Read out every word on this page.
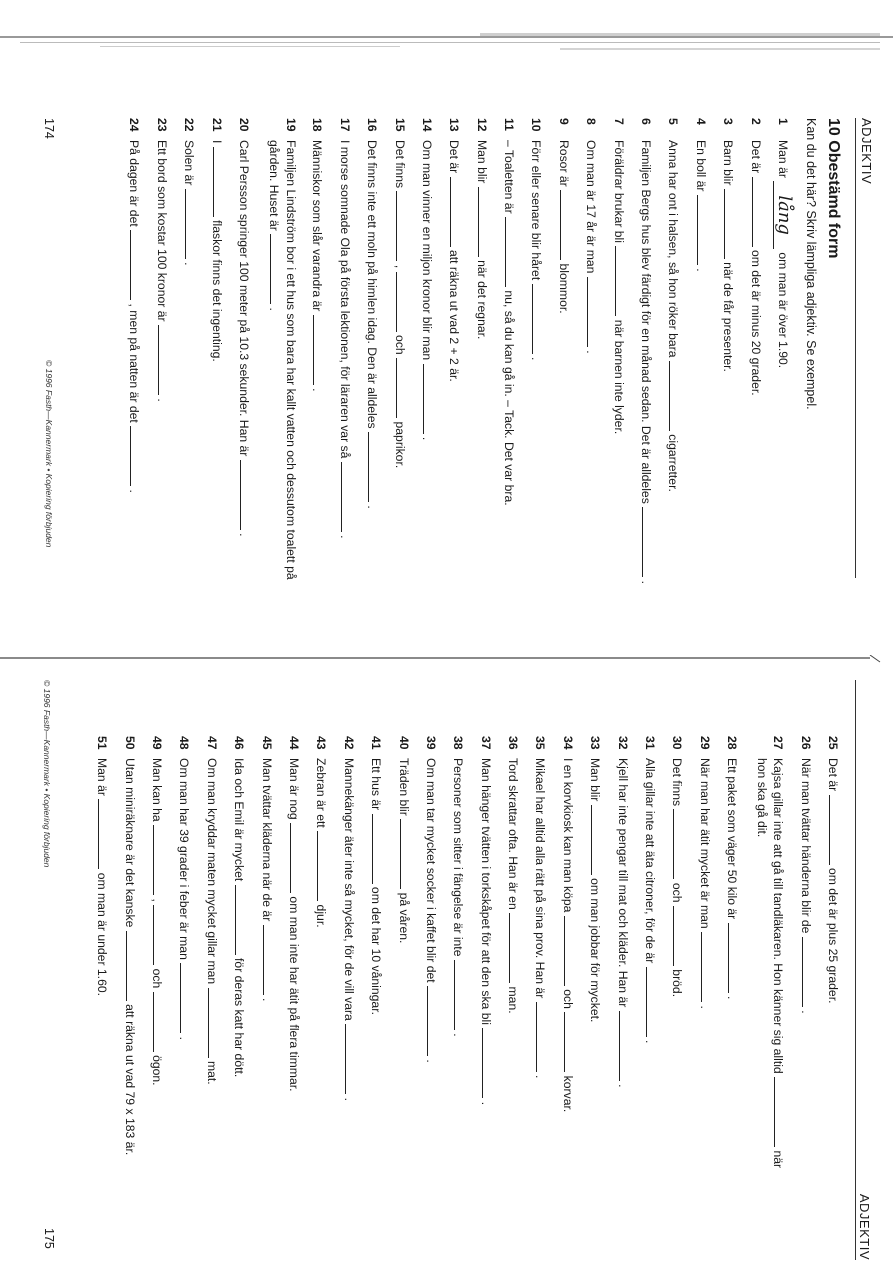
ADJEKTIV
10 Obestämd form
Kan du det här? Skriv lämpliga adjektiv. Se exempel.
1Man är lång om man är över 1.90.
2Det är  om det är minus 20 grader.
3Barn blir  när de får presenter.
4En boll är  .
5Anna har ont i halsen, så hon röker bara  cigarretter.
6Familjen Bergs hus blev färdigt för en månad sedan. Det är alldeles  .
7Föräldrar brukar bli  när barnen inte lyder.
8Om man är 17 år är man  .
9Rosor är  blommor.
10Förr eller senare blir håret  .
11– Toaletten är  nu, så du kan gå in. – Tack. Det var bra.
12Man blir  när det regnar.
13Det är  att räkna ut vad 2 + 2 är.
14Om man vinner en miljon kronor blir man  .
15Det finns  ,  och  paprikor.
16Det finns inte ett moln på himlen idag. Den är alldeles  .
17I morse somnade Ola på första lektionen, för läraren var så  .
18Människor som slår varandra är  .
19Familjen Lindström bor i ett hus som bara har kallt vatten och dessutom toalett på
gården. Huset är  .
20Carl Persson springer 100 meter på 10.3 sekunder. Han är  .
21I  flaskor finns det ingenting.
22Solen är  .
23Ett bord som kostar 100 kronor är  .
24På dagen är det  , men på natten är det  .
174
© 1996 Fasth—Kannermark • Kopiering förbjuden
ADJEKTIV
25Det är  om det är plus 25 grader.
26När man tvättar händerna blir de  .
27Kajsa gillar inte att gå till tandläkaren. Hon känner sig alltid  när
hon ska gå dit.
28Ett paket som väger 50 kilo är  .
29När man har ätit mycket är man  .
30Det finns  och  bröd.
31Alla gillar inte att äta citroner, för de är  .
32Kjell har inte pengar till mat och kläder. Han är  .
33Man blir  om man jobbar för mycket.
34I en korvkiosk kan man köpa  och  korvar.
35Mikael har alltid alla rätt på sina prov. Han är  .
36Tord skrattar ofta. Han är en  man.
37Man hänger tvätten i torkskåpet för att den ska bli  .
38Personer som sitter i fängelse är inte  .
39Om man tar mycket socker i kaffet blir det  .
40Träden blir  på våren.
41Ett hus är  om det har 10 våningar.
42Mannekänger äter inte så mycket, för de vill vara  .
43Zebran är ett  djur.
44Man är nog  om man inte har ätit på flera timmar.
45Man tvättar kläderna när de är  .
46Ida och Emil är mycket  för deras katt har dött.
47Om man kryddar maten mycket gillar man  mat.
48Om man har 39 grader i feber är man  .
49Man kan ha  ,  och  ögon.
50Utan miniräknare är det kanske  att räkna ut vad 79 x 183 är.
51Man är  om man är under 1.60.
175
© 1996 Fasth—Kannermark • Kopiering förbjuden
